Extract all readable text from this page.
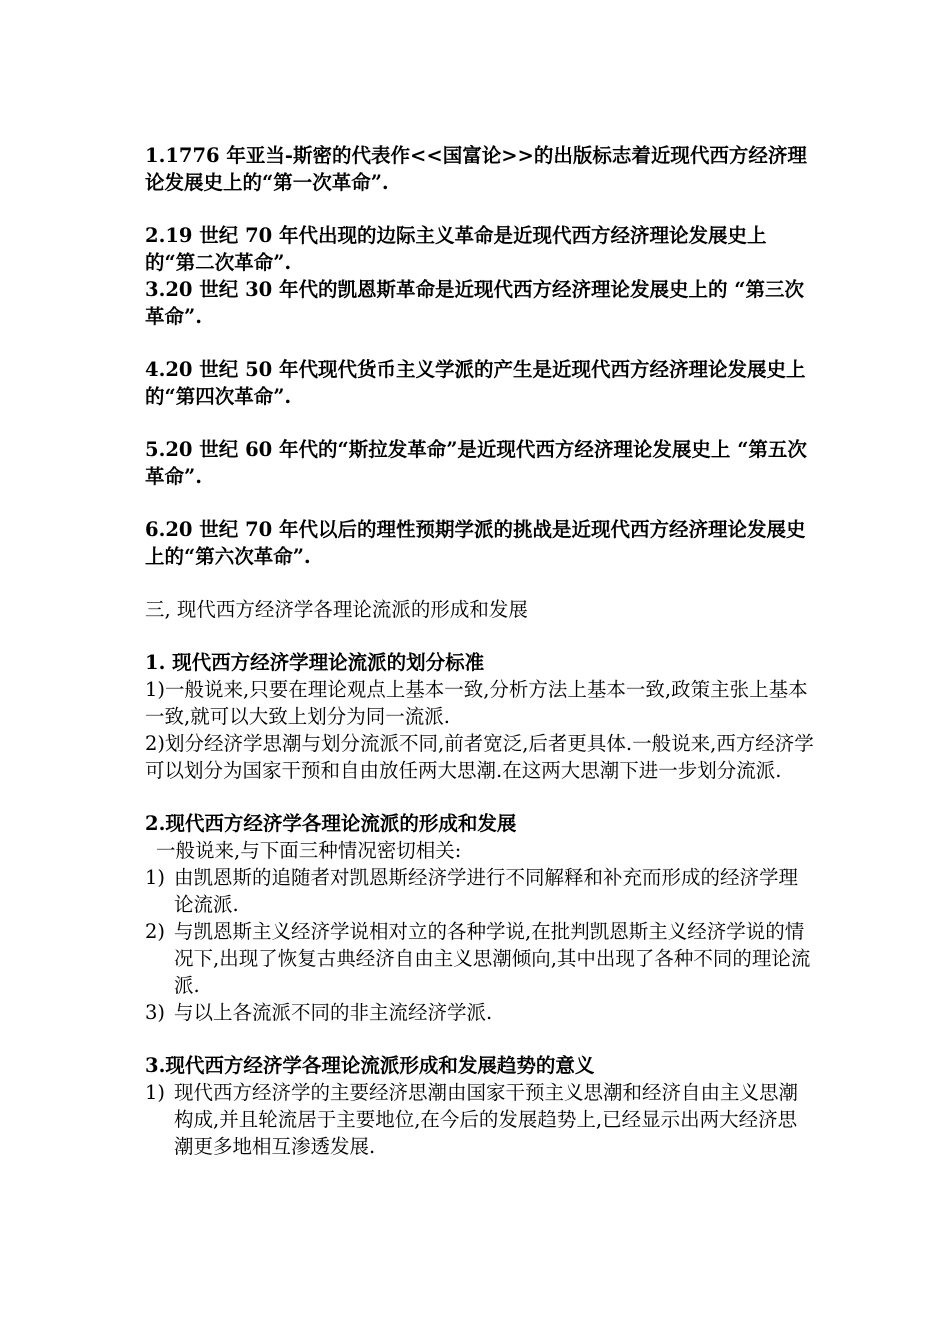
1.1776 年亚当-斯密的代表作<<国富论>>的出版标志着近现代西方经济理论发展史上的“第一次革命”.

2.19 世纪 70 年代出现的边际主义革命是近现代西方经济理论发展史上的“第二次革命”.

3.20 世纪 30 年代的凯恩斯革命是近现代西方经济理论发展史上的 “第三次革命”.

4.20 世纪 50 年代现代货币主义学派的产生是近现代西方经济理论发展史上的“第四次革命”.

5.20 世纪 60 年代的“斯拉发革命”是近现代西方经济理论发展史上 “第五次革命”.

6.20 世纪 70 年代以后的理性预期学派的挑战是近现代西方经济理论发展史上的“第六次革命”.

三, 现代西方经济学各理论流派的形成和发展

1. 现代西方经济学理论流派的划分标准

1)一般说来,只要在理论观点上基本一致,分析方法上基本一致,政策主张上基本一致,就可以大致上划分为同一流派.

2)划分经济学思潮与划分流派不同,前者宽泛,后者更具体.一般说来,西方经济学可以划分为国家干预和自由放任两大思潮.在这两大思潮下进一步划分流派.

2.现代西方经济学各理论流派的形成和发展

一般说来,与下面三种情况密切相关:

1) 由凯恩斯的追随者对凯恩斯经济学进行不同解释和补充而形成的经济学理论流派.
2) 与凯恩斯主义经济学说相对立的各种学说,在批判凯恩斯主义经济学说的情况下,出现了恢复古典经济自由主义思潮倾向,其中出现了各种不同的理论流派.
3) 与以上各流派不同的非主流经济学派.

3.现代西方经济学各理论流派形成和发展趋势的意义

1) 现代西方经济学的主要经济思潮由国家干预主义思潮和经济自由主义思潮构成,并且轮流居于主要地位,在今后的发展趋势上,已经显示出两大经济思潮更多地相互渗透发展.
